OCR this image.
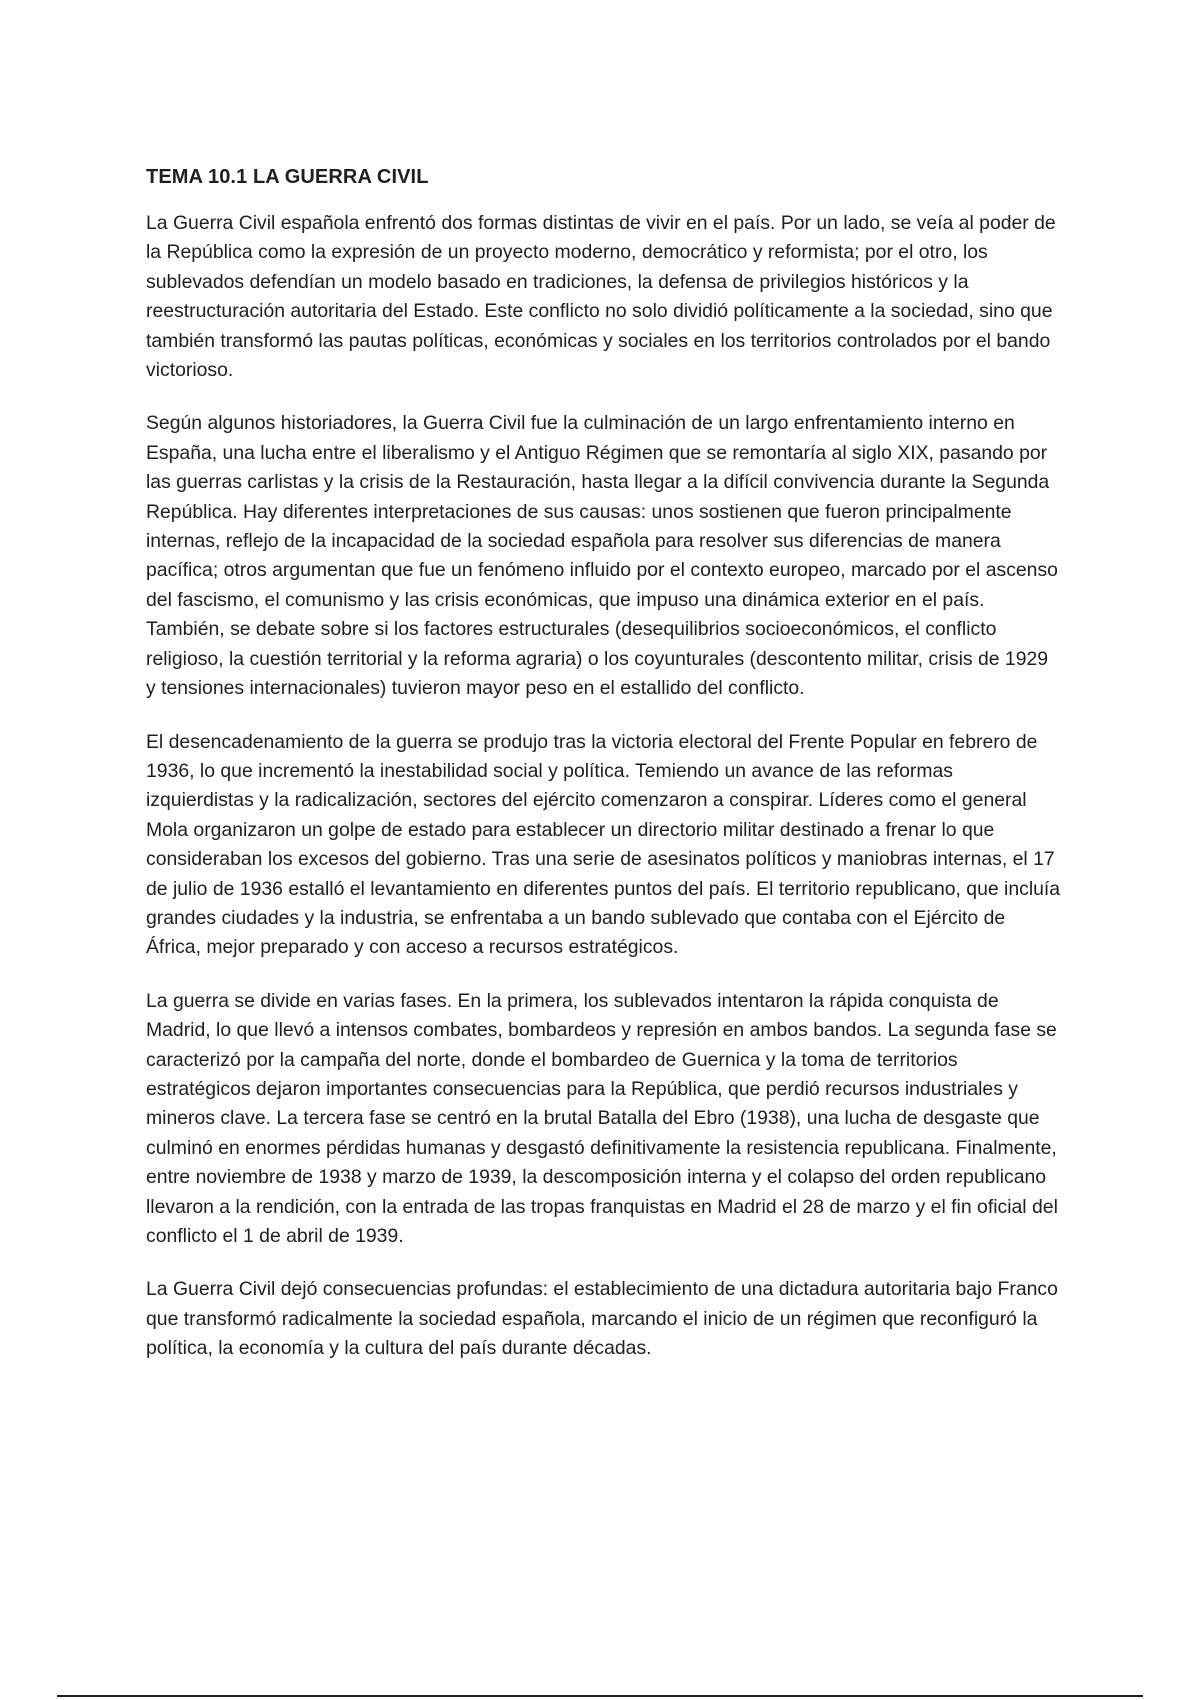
TEMA 10.1 LA GUERRA CIVIL

La Guerra Civil española enfrentó dos formas distintas de vivir en el país. Por un lado, se veía al poder de la República como la expresión de un proyecto moderno, democrático y reformista; por el otro, los sublevados defendían un modelo basado en tradiciones, la defensa de privilegios históricos y la reestructuración autoritaria del Estado. Este conflicto no solo dividió políticamente a la sociedad, sino que también transformó las pautas políticas, económicas y sociales en los territorios controlados por el bando victorioso.

Según algunos historiadores, la Guerra Civil fue la culminación de un largo enfrentamiento interno en España, una lucha entre el liberalismo y el Antiguo Régimen que se remontaría al siglo XIX, pasando por las guerras carlistas y la crisis de la Restauración, hasta llegar a la difícil convivencia durante la Segunda República. Hay diferentes interpretaciones de sus causas: unos sostienen que fueron principalmente internas, reflejo de la incapacidad de la sociedad española para resolver sus diferencias de manera pacífica; otros argumentan que fue un fenómeno influido por el contexto europeo, marcado por el ascenso del fascismo, el comunismo y las crisis económicas, que impuso una dinámica exterior en el país. También, se debate sobre si los factores estructurales (desequilibrios socioeconómicos, el conflicto religioso, la cuestión territorial y la reforma agraria) o los coyunturales (descontento militar, crisis de 1929 y tensiones internacionales) tuvieron mayor peso en el estallido del conflicto.

El desencadenamiento de la guerra se produjo tras la victoria electoral del Frente Popular en febrero de 1936, lo que incrementó la inestabilidad social y política. Temiendo un avance de las reformas izquierdistas y la radicalización, sectores del ejército comenzaron a conspirar. Líderes como el general Mola organizaron un golpe de estado para establecer un directorio militar destinado a frenar lo que consideraban los excesos del gobierno. Tras una serie de asesinatos políticos y maniobras internas, el 17 de julio de 1936 estalló el levantamiento en diferentes puntos del país. El territorio republicano, que incluía grandes ciudades y la industria, se enfrentaba a un bando sublevado que contaba con el Ejército de África, mejor preparado y con acceso a recursos estratégicos.

La guerra se divide en varias fases. En la primera, los sublevados intentaron la rápida conquista de Madrid, lo que llevó a intensos combates, bombardeos y represión en ambos bandos. La segunda fase se caracterizó por la campaña del norte, donde el bombardeo de Guernica y la toma de territorios estratégicos dejaron importantes consecuencias para la República, que perdió recursos industriales y mineros clave. La tercera fase se centró en la brutal Batalla del Ebro (1938), una lucha de desgaste que culminó en enormes pérdidas humanas y desgastó definitivamente la resistencia republicana. Finalmente, entre noviembre de 1938 y marzo de 1939, la descomposición interna y el colapso del orden republicano llevaron a la rendición, con la entrada de las tropas franquistas en Madrid el 28 de marzo y el fin oficial del conflicto el 1 de abril de 1939.

La Guerra Civil dejó consecuencias profundas: el establecimiento de una dictadura autoritaria bajo Franco que transformó radicalmente la sociedad española, marcando el inicio de un régimen que reconfiguró la política, la economía y la cultura del país durante décadas.
